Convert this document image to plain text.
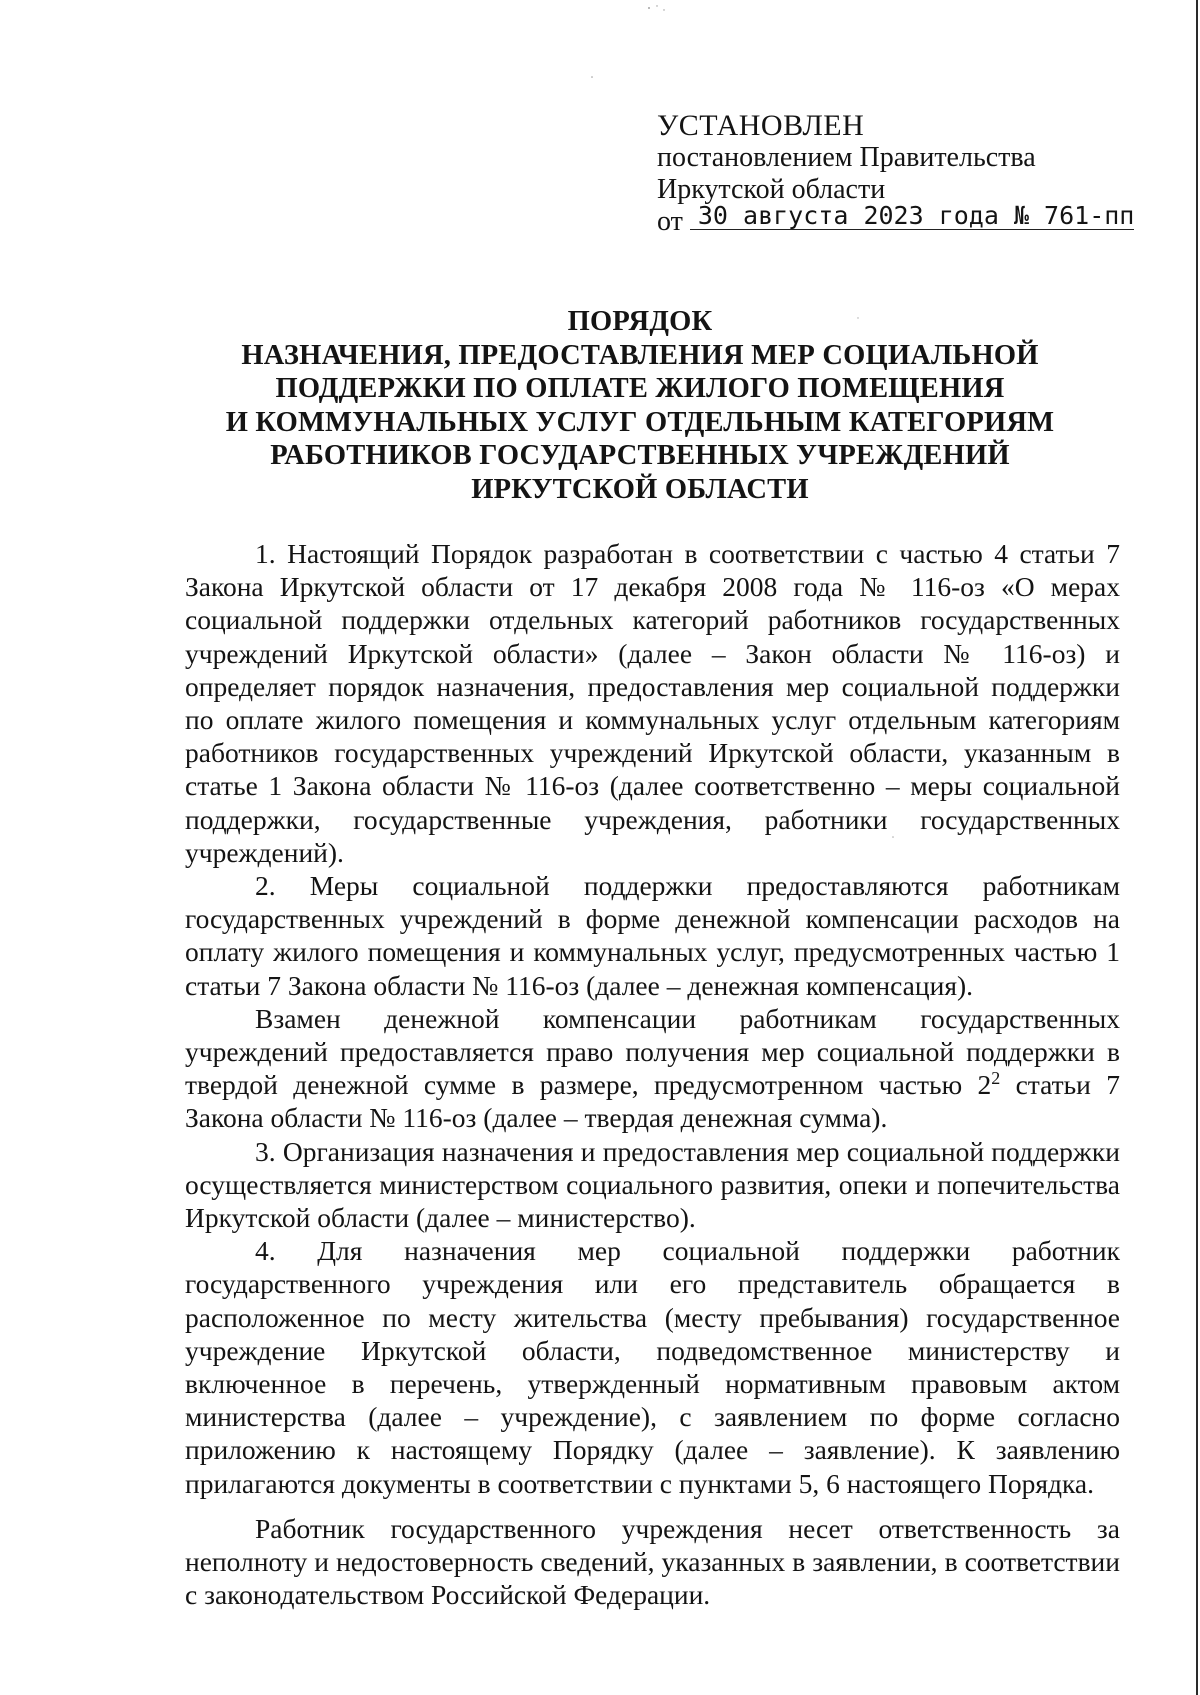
УСТАНОВЛЕН
постановлением Правительства
Иркутской области
от 30 августа 2023 года № 761-пп
ПОРЯДОК
НАЗНАЧЕНИЯ, ПРЕДОСТАВЛЕНИЯ МЕР СОЦИАЛЬНОЙ
ПОДДЕРЖКИ ПО ОПЛАТЕ ЖИЛОГО ПОМЕЩЕНИЯ
И КОММУНАЛЬНЫХ УСЛУГ ОТДЕЛЬНЫМ КАТЕГОРИЯМ
РАБОТНИКОВ ГОСУДАРСТВЕННЫХ УЧРЕЖДЕНИЙ
ИРКУТСКОЙ ОБЛАСТИ

1. Настоящий Порядок разработан в соответствии с частью 4 статьи 7 Закона Иркутской области от 17 декабря 2008 года № 116-оз «О мерах социальной поддержки отдельных категорий работников государственных учреждений Иркутской области» (далее – Закон области № 116-оз) и определяет порядок назначения, предоставления мер социальной поддержки по оплате жилого помещения и коммунальных услуг отдельным категориям работников государственных учреждений Иркутской области, указанным в статье 1 Закона области № 116-оз (далее соответственно – меры социальной поддержки, государственные учреждения, работники государственных учреждений).

2. Меры социальной поддержки предоставляются работникам государственных учреждений в форме денежной компенсации расходов на оплату жилого помещения и коммунальных услуг, предусмотренных частью 1 статьи 7 Закона области № 116-оз (далее – денежная компенсация).

Взамен денежной компенсации работникам государственных учреждений предоставляется право получения мер социальной поддержки в твердой денежной сумме в размере, предусмотренном частью $2^2$ статьи 7 Закона области № 116-оз (далее – твердая денежная сумма).

3. Организация назначения и предоставления мер социальной поддержки осуществляется министерством социального развития, опеки и попечительства Иркутской области (далее – министерство).

4. Для назначения мер социальной поддержки работник государственного учреждения или его представитель обращается в расположенное по месту жительства (месту пребывания) государственное учреждение Иркутской области, подведомственное министерству и включенное в перечень, утвержденный нормативным правовым актом министерства (далее – учреждение), с заявлением по форме согласно приложению к настоящему Порядку (далее – заявление). К заявлению прилагаются документы в соответствии с пунктами 5, 6 настоящего Порядка.

Работник государственного учреждения несет ответственность за неполноту и недостоверность сведений, указанных в заявлении, в соответствии с законодательством Российской Федерации.
